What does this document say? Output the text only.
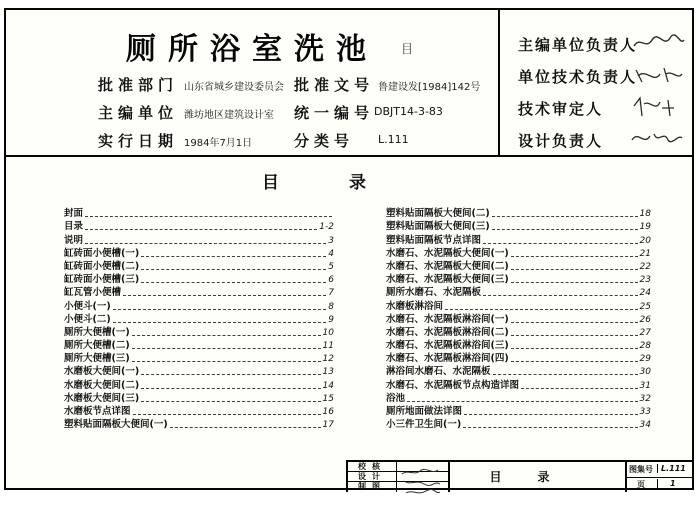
厕所浴室洗池	目
批准部门 山东省城乡建设委员会 批准文号 鲁建设发[1984]142号
主编单位 潍坊地区建筑设计室 统一编号 DBJT14-3-83
实行日期 1984年7月1日	分类号 L.111
主编单位负责人
单位技术负责人
技术审定人
设计负责人
目录
封面
目录	1-2
说明	3
缸砖面小便槽(一)	4
缸砖面小便槽(二)	5
缸砖面小便槽(三)	6
缸瓦管小便槽	7
小便斗(一)	8
小便斗(二)	9
厕所大便槽(一)	10
厕所大便槽(二)	11
厕所大便槽(三)	12
水磨板大便间(一)	13
水磨板大便间(二)	14
水磨板大便间(三)	15
水磨板节点详图	16
塑料贴面隔板大便间(一)	17
塑料贴面隔板大便间(二)	18
塑料贴面隔板大便间(三)	19
塑料贴面隔板节点详图	20
水磨石、水泥隔板大便间(一)	21
水磨石、水泥隔板大便间(二)	22
水磨石、水泥隔板大便间(三)	23
厕所水磨石、水泥隔板	24
水磨板淋浴间	25
水磨石、水泥隔板淋浴间(一)	26
水磨石、水泥隔板淋浴间(二)	27
水磨石、水泥隔板淋浴间(三)	28
水磨石、水泥隔板淋浴间(四)	29
淋浴间水磨石、水泥隔板	30
水磨石、水泥隔板节点构造详图	31
浴池	32
厕所地面做法详图	33
小三件卫生间(一)	34
校核
设计
制图
目录
图集号	L.111
页	1
